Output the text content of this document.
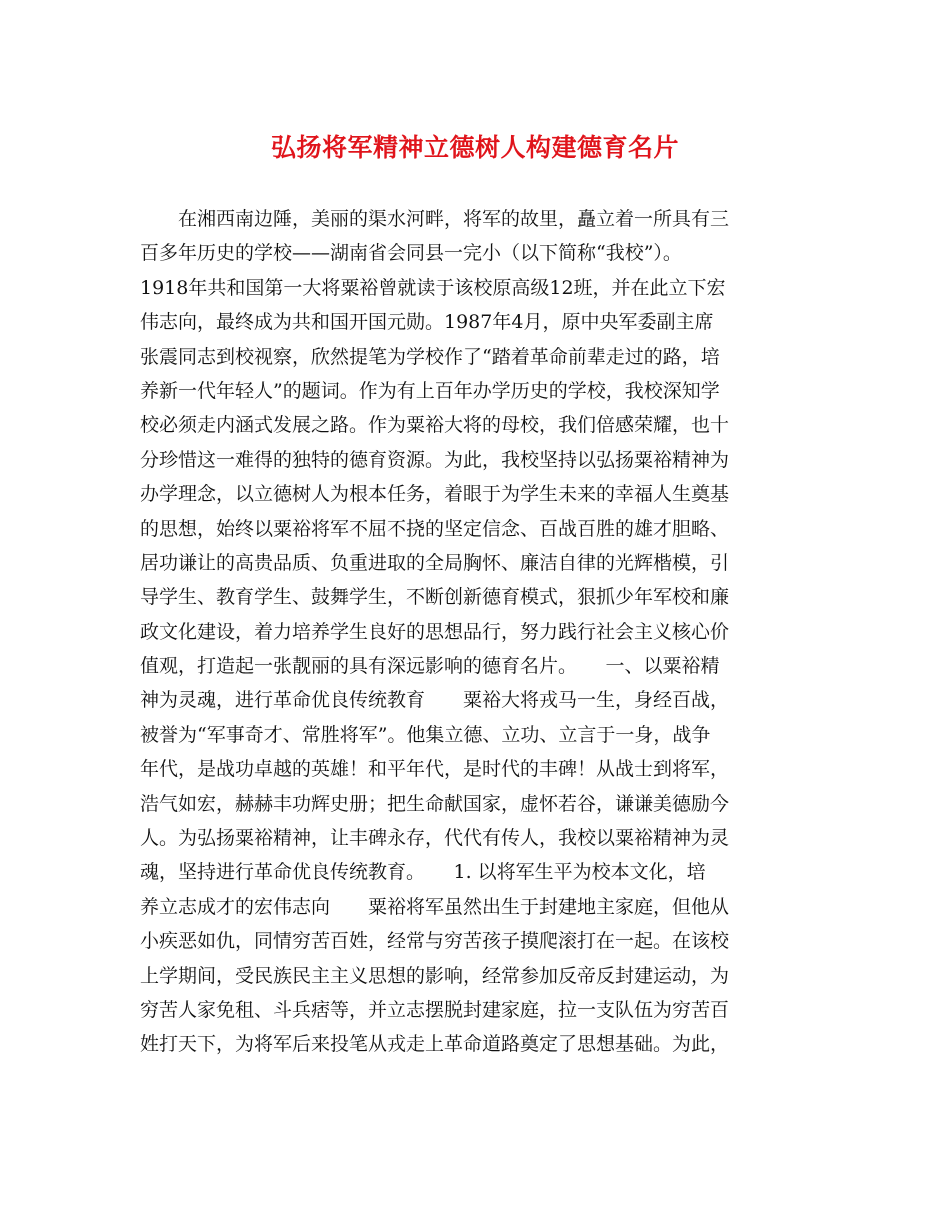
弘扬将军精神立德树人构建德育名片
　　在湘西南边陲，美丽的渠水河畔，将军的故里，矗立着一所具有三
百多年历史的学校——湖南省会同县一完小（以下简称“我校”）。
1918年共和国第一大将粟裕曾就读于该校原高级12班，并在此立下宏
伟志向，最终成为共和国开国元勋。1987年4月，原中央军委副主席
张震同志到校视察，欣然提笔为学校作了“踏着革命前辈走过的路，培
养新一代年轻人”的题词。作为有上百年办学历史的学校，我校深知学
校必须走内涵式发展之路。作为粟裕大将的母校，我们倍感荣耀，也十
分珍惜这一难得的独特的德育资源。为此，我校坚持以弘扬粟裕精神为
办学理念，以立德树人为根本任务，着眼于为学生未来的幸福人生奠基
的思想，始终以粟裕将军不屈不挠的坚定信念、百战百胜的雄才胆略、
居功谦让的高贵品质、负重进取的全局胸怀、廉洁自律的光辉楷模，引
导学生、教育学生、鼓舞学生，不断创新德育模式，狠抓少年军校和廉
政文化建设，着力培养学生良好的思想品行，努力践行社会主义核心价
值观，打造起一张靓丽的具有深远影响的德育名片。　　一、以粟裕精
神为灵魂，进行革命优良传统教育　　粟裕大将戎马一生，身经百战，
被誉为“军事奇才、常胜将军”。他集立德、立功、立言于一身，战争
年代，是战功卓越的英雄！和平年代，是时代的丰碑！从战士到将军，
浩气如宏，赫赫丰功辉史册；把生命献国家，虚怀若谷，谦谦美德励今
人。为弘扬粟裕精神，让丰碑永存，代代有传人，我校以粟裕精神为灵
魂，坚持进行革命优良传统教育。　　1. 以将军生平为校本文化，培
养立志成才的宏伟志向　　粟裕将军虽然出生于封建地主家庭，但他从
小疾恶如仇，同情穷苦百姓，经常与穷苦孩子摸爬滚打在一起。在该校
上学期间，受民族民主主义思想的影响，经常参加反帝反封建运动，为
穷苦人家免租、斗兵痞等，并立志摆脱封建家庭，拉一支队伍为穷苦百
姓打天下，为将军后来投笔从戎走上革命道路奠定了思想基础。为此，
